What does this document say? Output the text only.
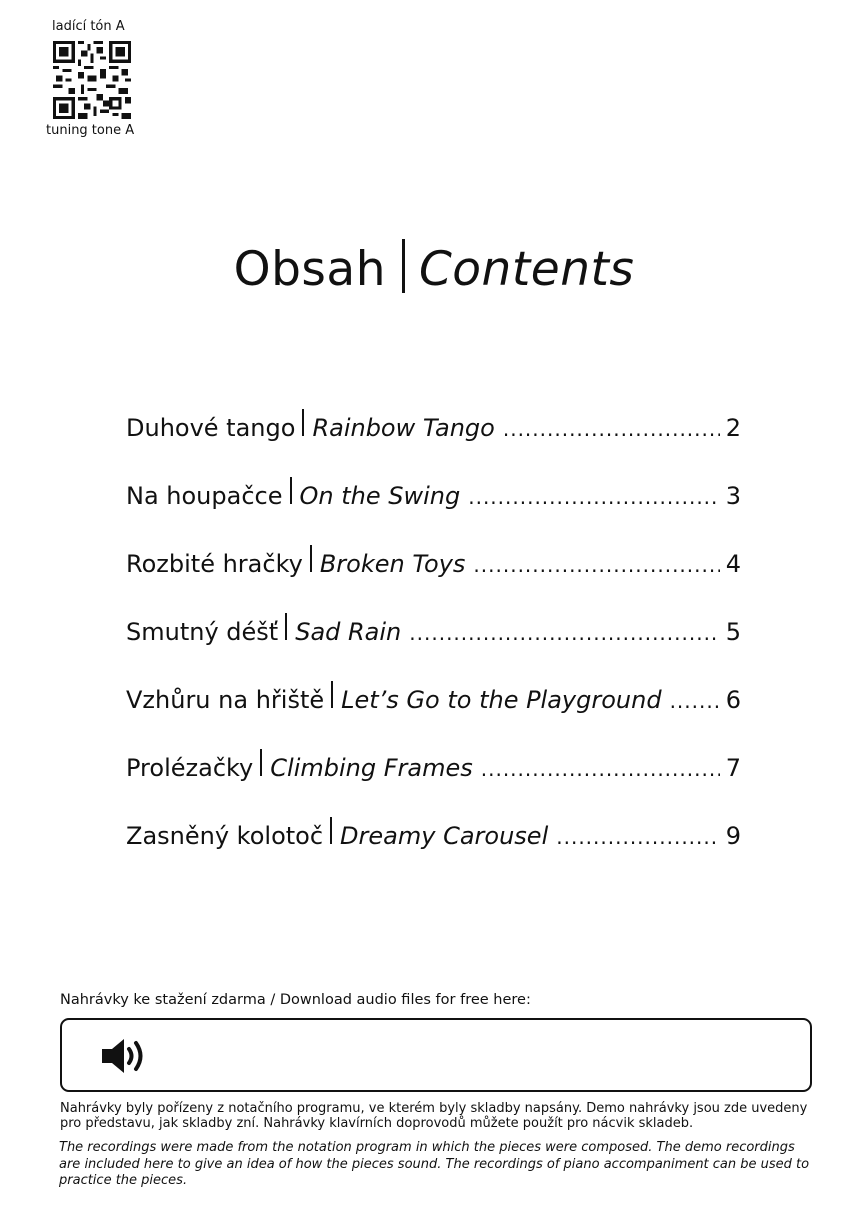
ladící tón A
tuning tone A
Obsah Contents
Duhové tango Rainbow Tango .....	2
Na houpačce On the Swing .....	3
Rozbité hračky Broken Toys .....	4
Smutný déšť Sad Rain .....	5
Vzhůru na hřiště Let’s Go to the Playground .....	6
Prolézačky Climbing Frames .....	7
Zasněný kolotoč Dreamy Carousel .....	9
Nahrávky ke stažení zdarma / Download audio files for free here:

Nahrávky byly pořízeny z notačního programu, ve kterém byly skladby napsány. Demo nahrávky jsou zde uvedeny pro představu, jak skladby zní. Nahrávky klavírních doprovodů můžete použít pro nácvik skladeb.

The recordings were made from the notation program in which the pieces were composed. The demo recordings are included here to give an idea of how the pieces sound. The recordings of piano accompaniment can be used to practice the pieces.
